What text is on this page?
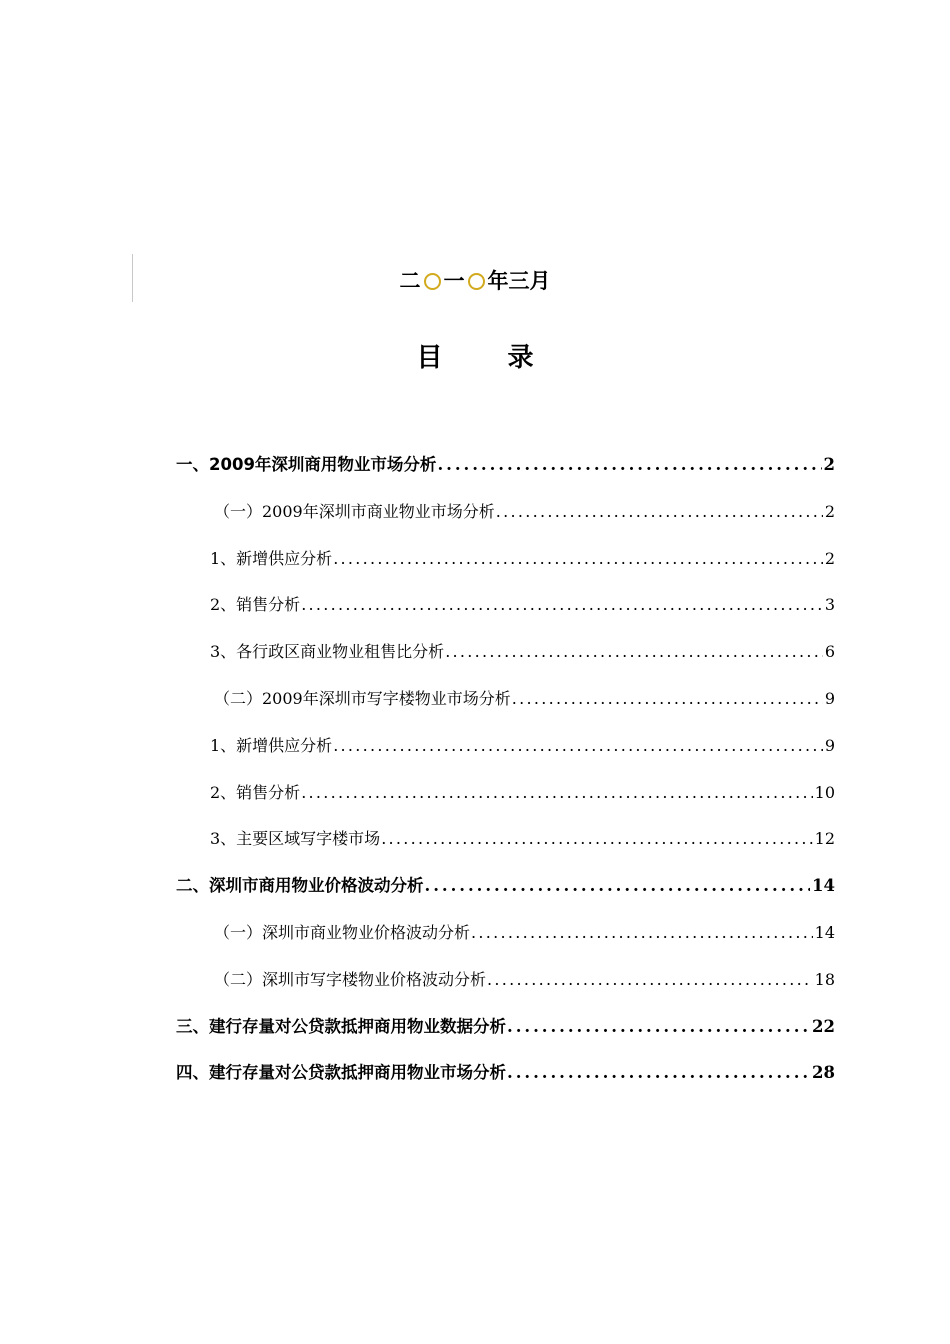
二 一 年三月
目 录
一、2009年深圳商用物业市场分析 . . .	2
（一）2009年深圳市商业物业市场分析 . . .	2
1、新增供应分析 . . .	2
2、销售分析 . . .	3
3、各行政区商业物业租售比分析 . . .	6
（二）2009年深圳市写字楼物业市场分析 . . .	9
1、新增供应分析 . . .	9
2、销售分析 . . .	10
3、主要区域写字楼市场 . . .	12
二、深圳市商用物业价格波动分析 . . .	14
（一）深圳市商业物业价格波动分析 . . .	14
（二）深圳市写字楼物业价格波动分析 . . .	18
三、建行存量对公贷款抵押商用物业数据分析 . . .	22
四、建行存量对公贷款抵押商用物业市场分析 . . .	28
